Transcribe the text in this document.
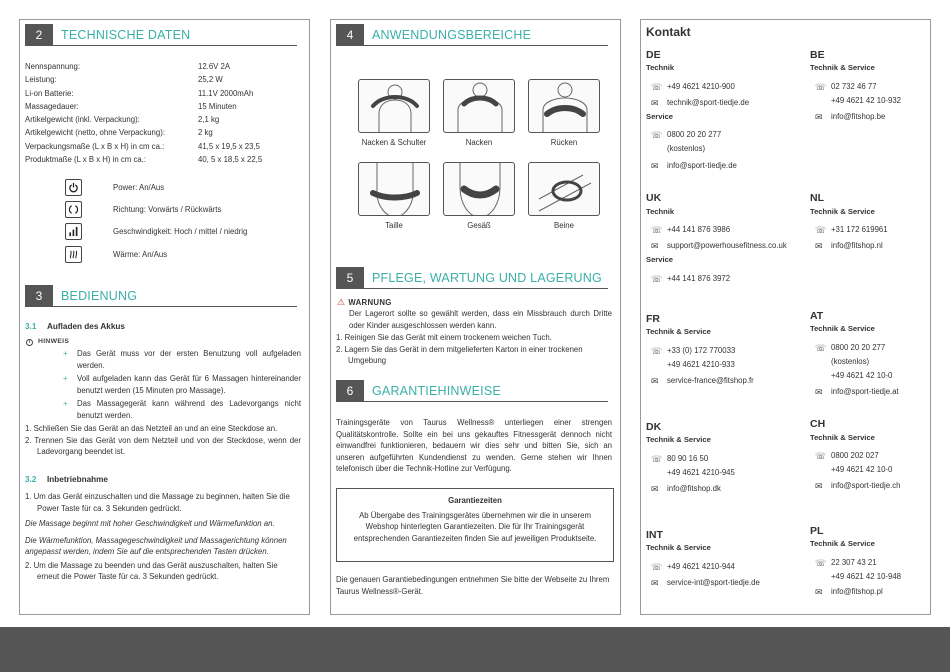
2	TECHNISCHE DATEN
Nennspannung:	12.6V 2A
Leistung:	25,2 W
Li-on Batterie:	11.1V 2000mAh
Massagedauer:	15 Minuten
Artikelgewicht (inkl. Verpackung):	2,1 kg
Artikelgewicht (netto, ohne Verpackung):	2 kg
Verpackungsmaße (L x B x H) in cm ca.:	41,5 x 19,5 x 23,5
Produktmaße (L x B x H) in cm ca.:	40, 5 x 18,5 x 22,5
Power: An/Aus
Richtung: Vorwärts / Rückwärts
Geschwindigkeit: Hoch / mittel / niedrig
Wärme: An/Aus
3	BEDIENUNG
3.1 Aufladen des Akkus
i HINWEIS
+ Das Gerät muss vor der ersten Benutzung voll aufgeladen werden.
+ Voll aufgeladen kann das Gerät für 6 Massagen hintereinander benutzt werden (15 Minuten pro Massage).
+ Das Massagegerät kann während des Ladevorgangs nicht benutzt werden.
1. Schließen Sie das Gerät an das Netzteil an und an eine Steckdose an.
2. Trennen Sie das Gerät von dem Netzteil und von der Steckdose, wenn der Ladevorgang beendet ist.
3.2 Inbetriebnahme
1. Um das Gerät einzuschalten und die Massage zu beginnen, halten Sie die Power Taste für ca. 3 Sekunden gedrückt.
Die Massage beginnt mit hoher Geschwindigkeit und Wärmefunktion an.
Die Wärmefunktion, Massagegeschwindigkeit und Massagerichtung können angepasst werden, indem Sie auf die entsprechenden Tasten drücken.
2. Um die Massage zu beenden und das Gerät auszuschalten, halten Sie erneut die Power Taste für ca. 3 Sekunden gedrückt.
4	ANWENDUNGSBEREICHE
Nacken & Schulter	Nacken	Rücken
Taille	Gesäß	Beine
5	PFLEGE, WARTUNG UND LAGERUNG
⚠ WARNUNG
Der Lagerort sollte so gewählt werden, dass ein Missbrauch durch Dritte oder Kinder ausgeschlossen werden kann.
1. Reinigen Sie das Gerät mit einem trockenem weichen Tuch.
2. Lagern Sie das Gerät in dem mitgelieferten Karton in einer trockenen Umgebung
6	GARANTIEHINWEISE
Trainingsgeräte von Taurus Wellness® unterliegen einer strengen Qualitätskontrolle. Sollte ein bei uns gekauftes Fitnessgerät dennoch nicht einwandfrei funktionieren, bedauern wir dies sehr und bitten Sie, sich an unseren aufgeführten Kundendienst zu wenden. Gerne stehen wir Ihnen telefonisch über die Technik-Hotline zur Verfügung.
Garantiezeiten
Ab Übergabe des Trainingsgerätes übernehmen wir die in unserem Webshop hinterlegten Garantiezeiten. Die für Ihr Trainingsgerät entsprechenden Garantiezeiten finden Sie auf jeweiligen Produktseite.
Die genauen Garantiebedingungen entnehmen Sie bitte der Webseite zu Ihrem Taurus Wellness®-Gerät.
Kontakt
DE
Technik
☏ +49 4621 4210-900
✉	technik@sport-tiedje.de
Service
☏ 0800 20 20 277
(kostenlos)
✉	info@sport-tiedje.de
BE
Technik & Service
☏ 02 732 46 77
+49 4621 42 10-932
✉	info@fitshop.be
UK
Technik
☏ +44 141 876 3986
✉	support@powerhousefitness.co.uk
Service
☏ +44 141 876 3972
NL
Technik & Service
☏ +31 172 619961
✉	info@fitshop.nl
FR
Technik & Service
☏ +33 (0) 172 770033
+49 4621 4210-933
✉	service-france@fitshop.fr
AT
Technik & Service
☏ 0800 20 20 277
(kostenlos)
+49 4621 42 10-0
✉	info@sport-tiedje.at
DK
Technik & Service
☏ 80 90 16 50
+49 4621 4210-945
✉	info@fitshop.dk
CH
Technik & Service
☏ 0800 202 027
+49 4621 42 10-0
✉	info@sport-tiedje.ch
INT
Technik & Service
☏ +49 4621 4210-944
✉	service-int@sport-tiedje.de
PL
Technik & Service
☏ 22 307 43 21
+49 4621 42 10-948
✉	info@fitshop.pl
